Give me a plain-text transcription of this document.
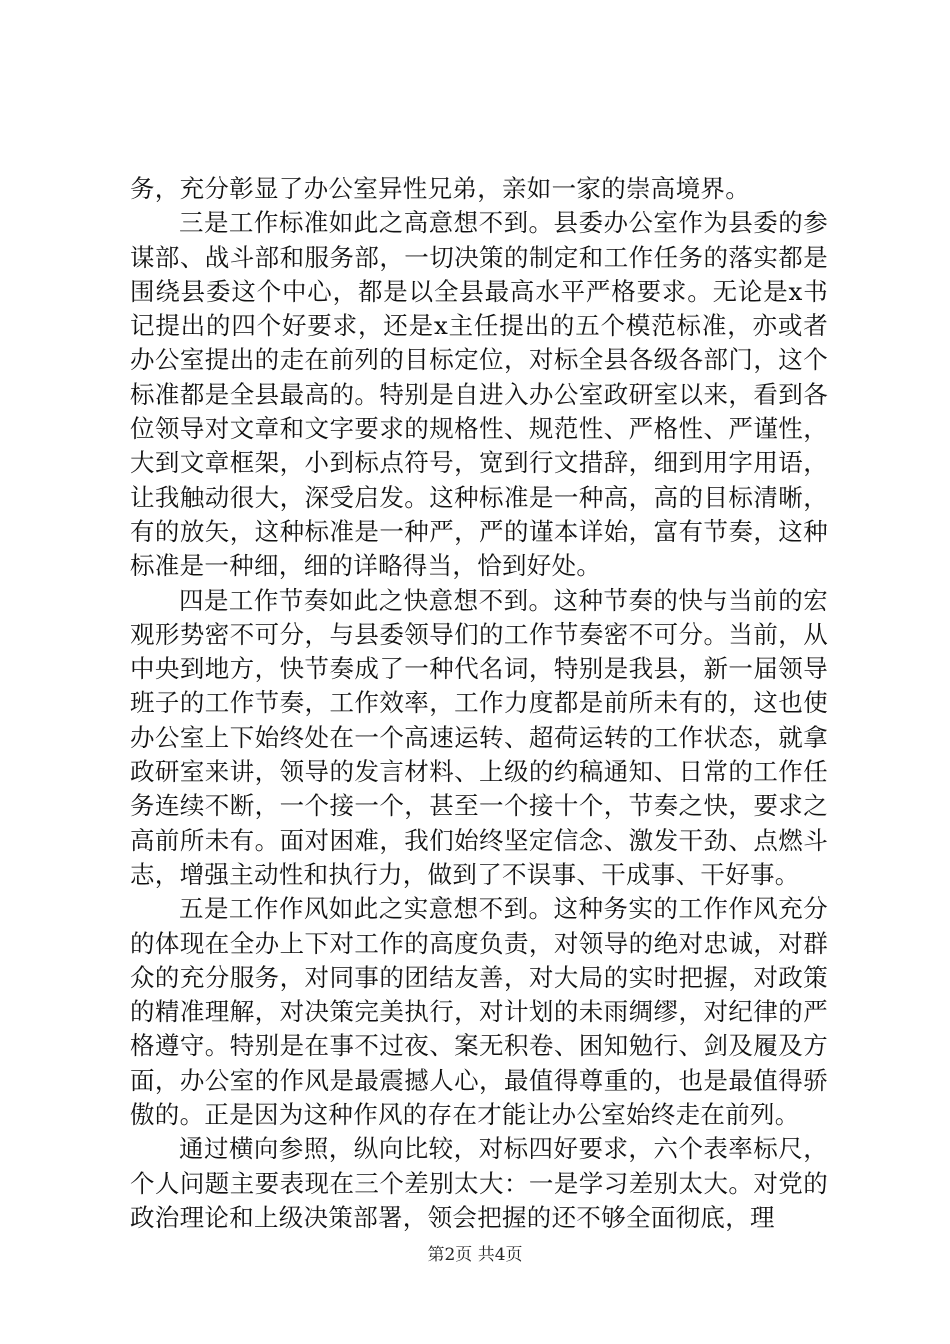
务，充分彰显了办公室异性兄弟，亲如一家的崇高境界。

三是工作标准如此之高意想不到。县委办公室作为县委的参谋部、战斗部和服务部，一切决策的制定和工作任务的落实都是围绕县委这个中心，都是以全县最高水平严格要求。无论是x书记提出的四个好要求，还是x主任提出的五个模范标准，亦或者办公室提出的走在前列的目标定位，对标全县各级各部门，这个标准都是全县最高的。特别是自进入办公室政研室以来，看到各位领导对文章和文字要求的规格性、规范性、严格性、严谨性，大到文章框架，小到标点符号，宽到行文措辞，细到用字用语，让我触动很大，深受启发。这种标准是一种高，高的目标清晰，有的放矢，这种标准是一种严，严的谨本详始，富有节奏，这种标准是一种细，细的详略得当，恰到好处。

四是工作节奏如此之快意想不到。这种节奏的快与当前的宏观形势密不可分，与县委领导们的工作节奏密不可分。当前，从中央到地方，快节奏成了一种代名词，特别是我县，新一届领导班子的工作节奏，工作效率，工作力度都是前所未有的，这也使办公室上下始终处在一个高速运转、超荷运转的工作状态，就拿政研室来讲，领导的发言材料、上级的约稿通知、日常的工作任务连续不断，一个接一个，甚至一个接十个，节奏之快，要求之高前所未有。面对困难，我们始终坚定信念、激发干劲、点燃斗志，增强主动性和执行力，做到了不误事、干成事、干好事。

五是工作作风如此之实意想不到。这种务实的工作作风充分的体现在全办上下对工作的高度负责，对领导的绝对忠诚，对群众的充分服务，对同事的团结友善，对大局的实时把握，对政策的精准理解，对决策完美执行，对计划的未雨绸缪，对纪律的严格遵守。特别是在事不过夜、案无积卷、困知勉行、剑及履及方面，办公室的作风是最震撼人心，最值得尊重的，也是最值得骄傲的。正是因为这种作风的存在才能让办公室始终走在前列。

通过横向参照，纵向比较，对标四好要求，六个表率标尺，个人问题主要表现在三个差别太大：一是学习差别太大。对党的政治理论和上级决策部署，领会把握的还不够全面彻底，理

第2页 共4页
